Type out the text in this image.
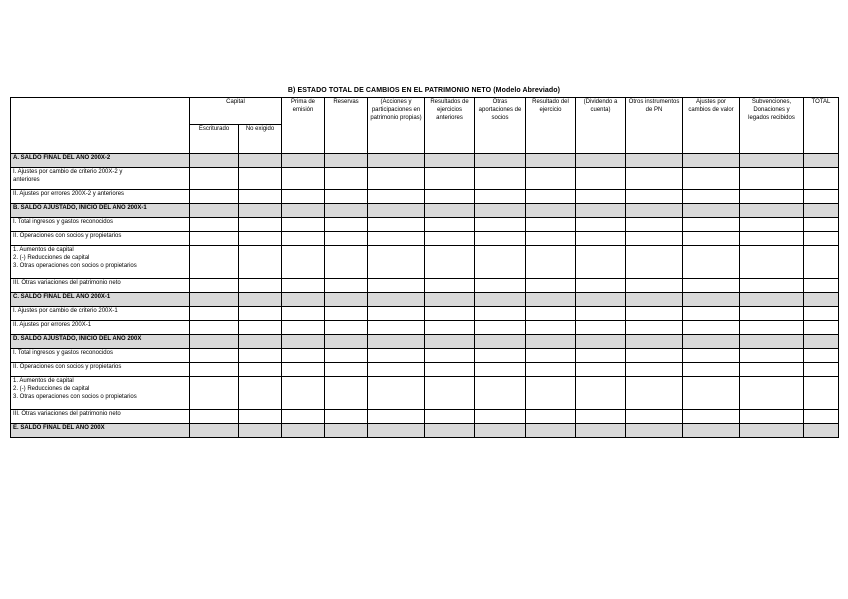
B) ESTADO TOTAL DE CAMBIOS EN EL PATRIMONIO NETO (Modelo Abreviado)
	Capital		Prima de emisión	Reservas	(Acciones y participaciones en patrimonio propias)	Resultados de ejercicios anteriores	Otras aportaciones de socios	Resultado del ejercicio	(Dividendo a cuenta)	Otros instrumentos de PN	Ajustes por cambios de valor	Subvenciones, Donaciones y legados recibidos	TOTAL
	Escriturado	No exigido											
A. SALDO FINAL DEL AÑO 200X-2													

I. Ajustes por cambio de criterio 200X-2 y
anteriores													

II. Ajustes por errores 200X-2 y anteriores													
B. SALDO AJUSTADO, INICIO DEL AÑO 200X-1													
I. Total ingresos y gastos reconocidos													
II. Operaciones con socios y propietarios													

1. Aumentos de capital
2. (-) Reducciones de capital
3. Otras operaciones con socios o propietarios													

III. Otras variaciones del patrimonio neto													
C. SALDO FINAL DEL AÑO 200X-1													
I. Ajustes por cambio de criterio 200X-1													
II. Ajustes por errores 200X-1													
D. SALDO AJUSTADO, INICIO DEL AÑO 200X													
I. Total ingresos y gastos reconocidos													
II. Operaciones con socios y propietarios													

1. Aumentos de capital
2. (-) Reducciones de capital
3. Otras operaciones con socios o propietarios													

III. Otras variaciones del patrimonio neto													
E. SALDO FINAL DEL AÑO 200X													
